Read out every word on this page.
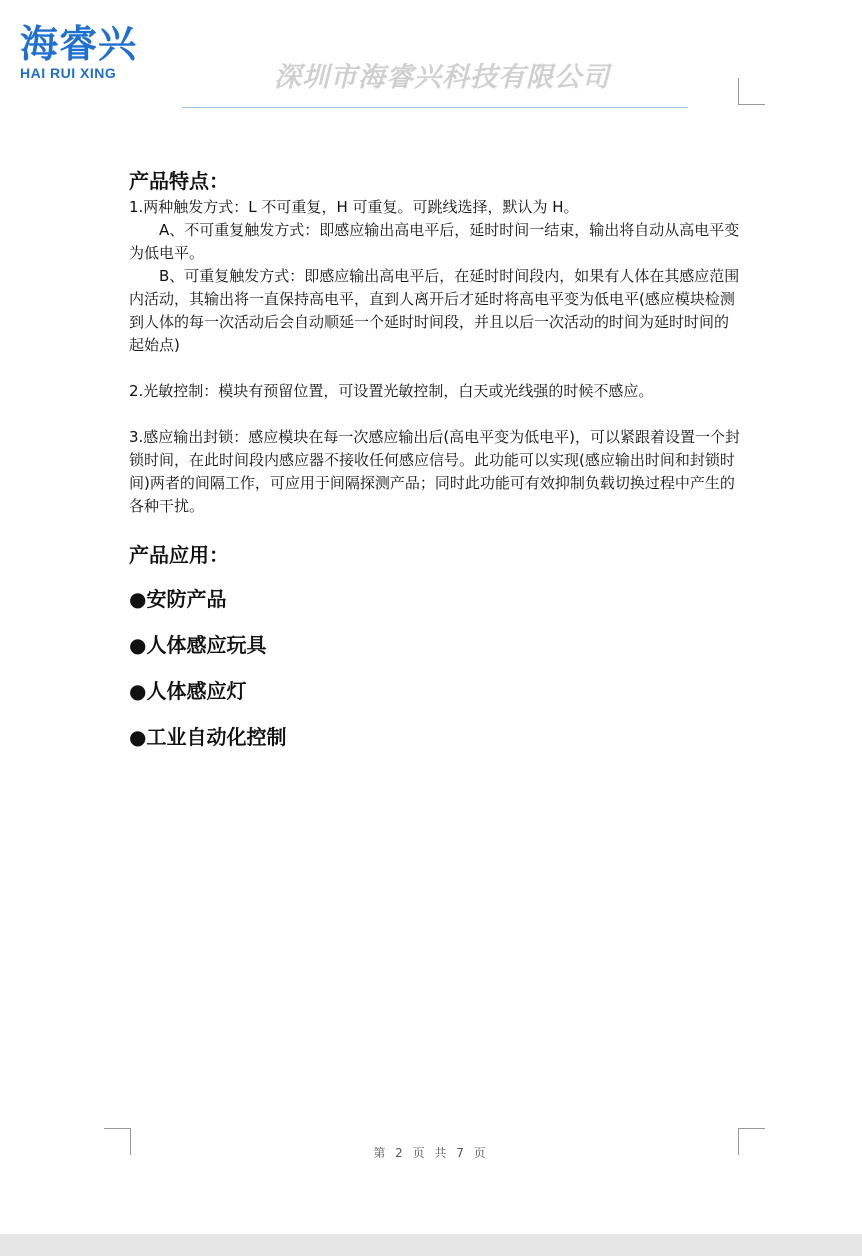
海睿兴
HAI RUI XING	深圳市海睿兴科技有限公司

产品特点：

1.两种触发方式：L 不可重复，H 可重复。可跳线选择，默认为 H。

A、不可重复触发方式：即感应输出高电平后，延时时间一结束，输出将自动从高电平变为低电平。

B、可重复触发方式：即感应输出高电平后，在延时时间段内，如果有人体在其感应范围内活动，其输出将一直保持高电平，直到人离开后才延时将高电平变为低电平(感应模块检测到人体的每一次活动后会自动顺延一个延时时间段，并且以后一次活动的时间为延时时间的起始点)

2.光敏控制：模块有预留位置，可设置光敏控制，白天或光线强的时候不感应。

3.感应输出封锁：感应模块在每一次感应输出后(高电平变为低电平)，可以紧跟着设置一个封锁时间，在此时间段内感应器不接收任何感应信号。此功能可以实现(感应输出时间和封锁时间)两者的间隔工作，可应用于间隔探测产品；同时此功能可有效抑制负载切换过程中产生的各种干扰。

产品应用：

●安防产品

●人体感应玩具

●人体感应灯

●工业自动化控制

第 2 页 共 7 页
